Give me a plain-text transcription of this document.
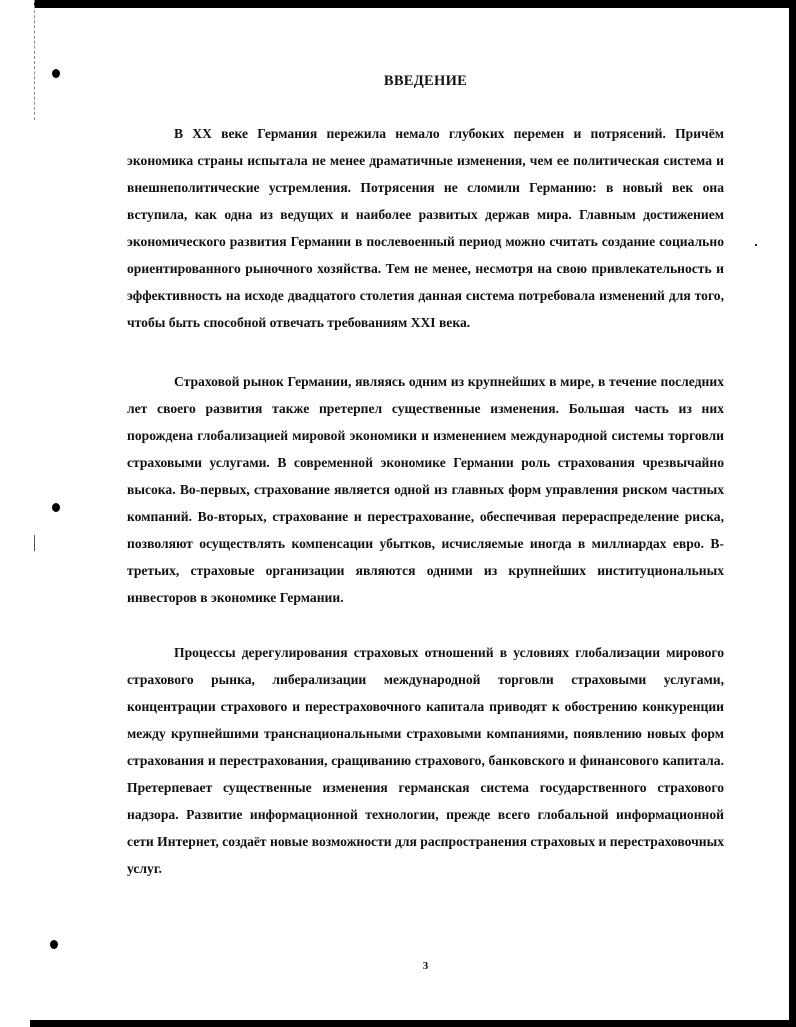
ВВЕДЕНИЕ

В XX веке Германия пережила немало глубоких перемен и потрясений. Причём экономика страны испытала не менее драматичные изменения, чем ее политическая система и внешнеполитические устремления. Потрясения не сломили Германию: в новый век она вступила, как одна из ведущих и наиболее развитых держав мира. Главным достижением экономического развития Германии в послевоенный период можно считать создание социально ориентированного рыночного хозяйства. Тем не менее, несмотря на свою привлекательность и эффективность на исходе двадцатого столетия данная система потребовала изменений для того, чтобы быть способной отвечать требованиям XXI века.

Страховой рынок Германии, являясь одним из крупнейших в мире, в течение последних лет своего развития также претерпел существенные изменения. Большая часть из них порождена глобализацией мировой экономики и изменением международной системы торговли страховыми услугами. В современной экономике Германии роль страхования чрезвычайно высока. Во-первых, страхование является одной из главных форм управления риском частных компаний. Во-вторых, страхование и перестрахование, обеспечивая перераспределение риска, позволяют осуществлять компенсации убытков, исчисляемые иногда в миллиардах евро. В-третьих, страховые организации являются одними из крупнейших институциональных инвесторов в экономике Германии.

Процессы дерегулирования страховых отношений в условиях глобализации мирового страхового рынка, либерализации международной торговли страховыми услугами, концентрации страхового и перестраховочного капитала приводят к обострению конкуренции между крупнейшими транснациональными страховыми компаниями, появлению новых форм страхования и перестрахования, сращиванию страхового, банковского и финансового капитала. Претерпевает существенные изменения германская система государственного страхового надзора. Развитие информационной технологии, прежде всего глобальной информационной сети Интернет, создаёт новые возможности для распространения страховых и перестраховочных услуг.

3
